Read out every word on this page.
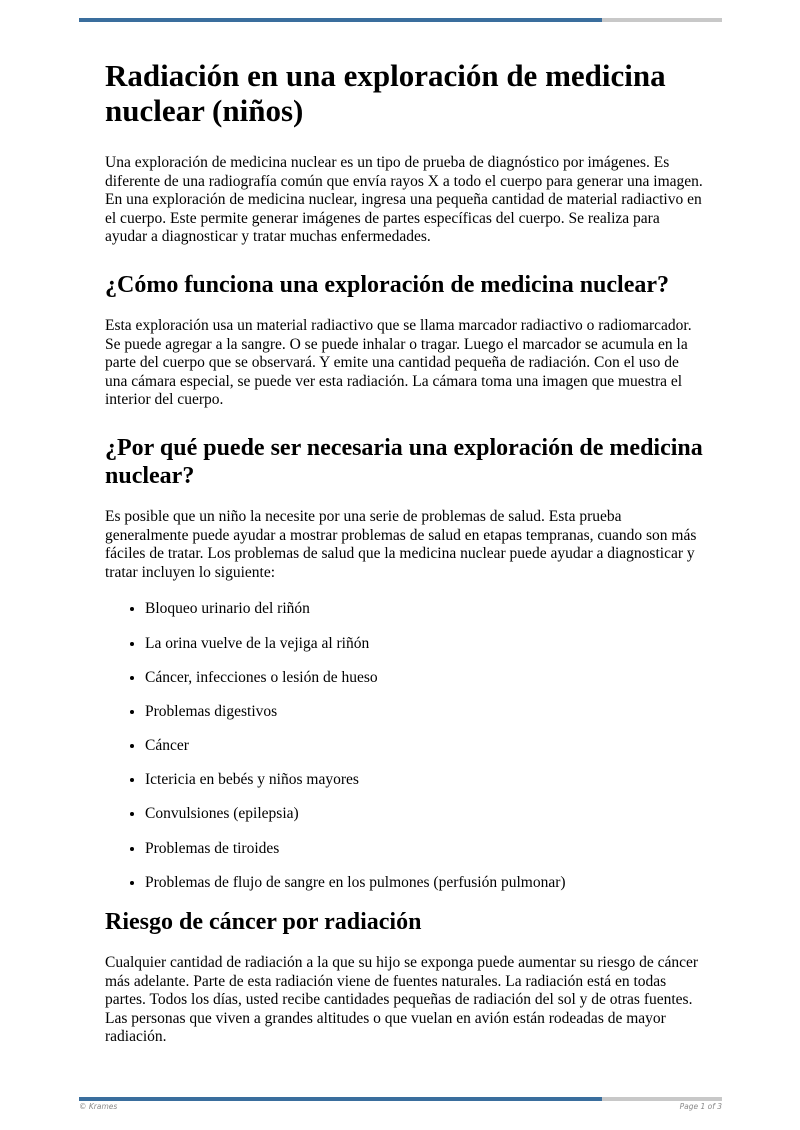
Radiación en una exploración de medicina nuclear (niños)

Una exploración de medicina nuclear es un tipo de prueba de diagnóstico por imágenes. Es diferente de una radiografía común que envía rayos X a todo el cuerpo para generar una imagen. En una exploración de medicina nuclear, ingresa una pequeña cantidad de material radiactivo en el cuerpo. Este permite generar imágenes de partes específicas del cuerpo. Se realiza para ayudar a diagnosticar y tratar muchas enfermedades.

¿Cómo funciona una exploración de medicina nuclear?

Esta exploración usa un material radiactivo que se llama marcador radiactivo o radiomarcador. Se puede agregar a la sangre. O se puede inhalar o tragar. Luego el marcador se acumula en la parte del cuerpo que se observará. Y emite una cantidad pequeña de radiación. Con el uso de una cámara especial, se puede ver esta radiación. La cámara toma una imagen que muestra el interior del cuerpo.

¿Por qué puede ser necesaria una exploración de medicina nuclear?

Es posible que un niño la necesite por una serie de problemas de salud. Esta prueba generalmente puede ayudar a mostrar problemas de salud en etapas tempranas, cuando son más fáciles de tratar. Los problemas de salud que la medicina nuclear puede ayudar a diagnosticar y tratar incluyen lo siguiente:

• Bloqueo urinario del riñón
• La orina vuelve de la vejiga al riñón
• Cáncer, infecciones o lesión de hueso
• Problemas digestivos
• Cáncer
• Ictericia en bebés y niños mayores
• Convulsiones (epilepsia)
• Problemas de tiroides
• Problemas de flujo de sangre en los pulmones (perfusión pulmonar)
Riesgo de cáncer por radiación

Cualquier cantidad de radiación a la que su hijo se exponga puede aumentar su riesgo de cáncer más adelante. Parte de esta radiación viene de fuentes naturales. La radiación está en todas partes. Todos los días, usted recibe cantidades pequeñas de radiación del sol y de otras fuentes. Las personas que viven a grandes altitudes o que vuelan en avión están rodeadas de mayor radiación.

© Krames	Page 1 of 3
